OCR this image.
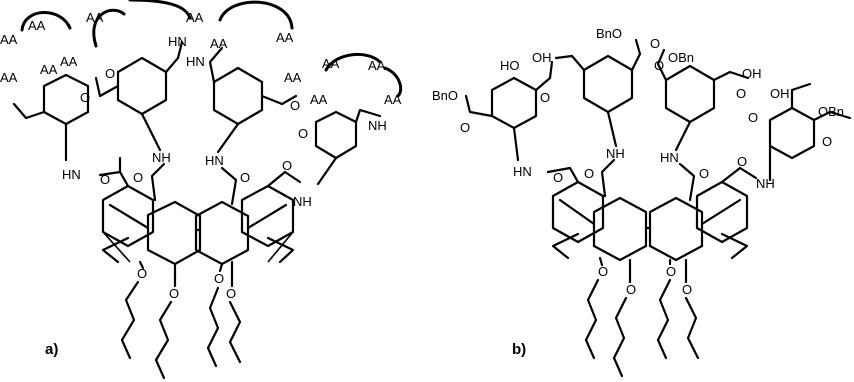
O
O
O
O
HN O O
NH
O
HN	O
NH
O
O
O
O
HN
HN
NH
AA
AA
AA
AA
AA
AA	AA
AA	AA
AA
AA
AA
AA
AA
a)
O
O
O
O
HN O O
NH
O
HN	O
NH
BnO
BnO
OBn
OBn
HO
OH
OH
OH
O
O
O
O
O
O
O
b)
